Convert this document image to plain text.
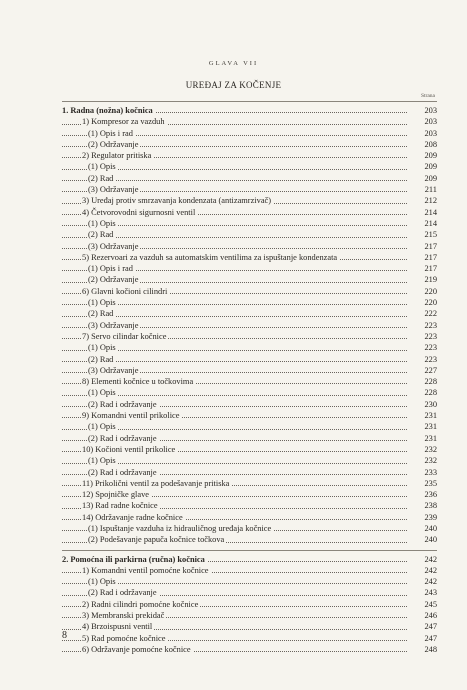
GLAVA VII
UREĐAJ ZA KOČENJE
Strana
1. Radna (nožna) kočnica	203
1) Kompresor za vazduh	203
(1) Opis i rad	203
(2) Održavanje	208
2) Regulator pritiska	209
(1) Opis	209
(2) Rad	209
(3) Održavanje	211
3) Uređaj protiv smrzavanja kondenzata (antizamrzivač)	212
4) Četvorovodni sigurnosni ventil	214
(1) Opis	214
(2) Rad	215
(3) Održavanje	217
5) Rezervoari za vazduh sa automatskim ventilima za ispuštanje kondenzata	217
(1) Opis i rad	217
(2) Održavanje	219
6) Glavni kočioni cilindri	220
(1) Opis	220
(2) Rad	222
(3) Održavanje	223
7) Servo cilindar kočnice	223
(1) Opis	223
(2) Rad	223
(3) Održavanje	227
8) Elementi kočnice u točkovima	228
(1) Opis	228
(2) Rad i održavanje	230
9) Komandni ventil prikolice	231
(1) Opis	231
(2) Rad i održavanje	231
10) Kočioni ventil prikolice	232
(1) Opis	232
(2) Rad i održavanje	233
11) Prikolični ventil za podešavanje pritiska	235
12) Spojničke glave	236
13) Rad radne kočnice	238
14) Održavanje radne kočnice	239
(1) Ispuštanje vazduha iz hidrauličnog uređaja kočnice	240
(2) Podešavanje papuča kočnice točkova	240
2. Pomoćna ili parkirna (ručna) kočnica	242
1) Komandni ventil pomoćne kočnice	242
(1) Opis	242
(2) Rad i održavanje	243
2) Radni cilindri pomoćne kočnice	245
3) Membranski prekidač	246
4) Brzoispusni ventil	247
5) Rad pomoćne kočnice	247
6) Održavanje pomoćne kočnice	248
8
